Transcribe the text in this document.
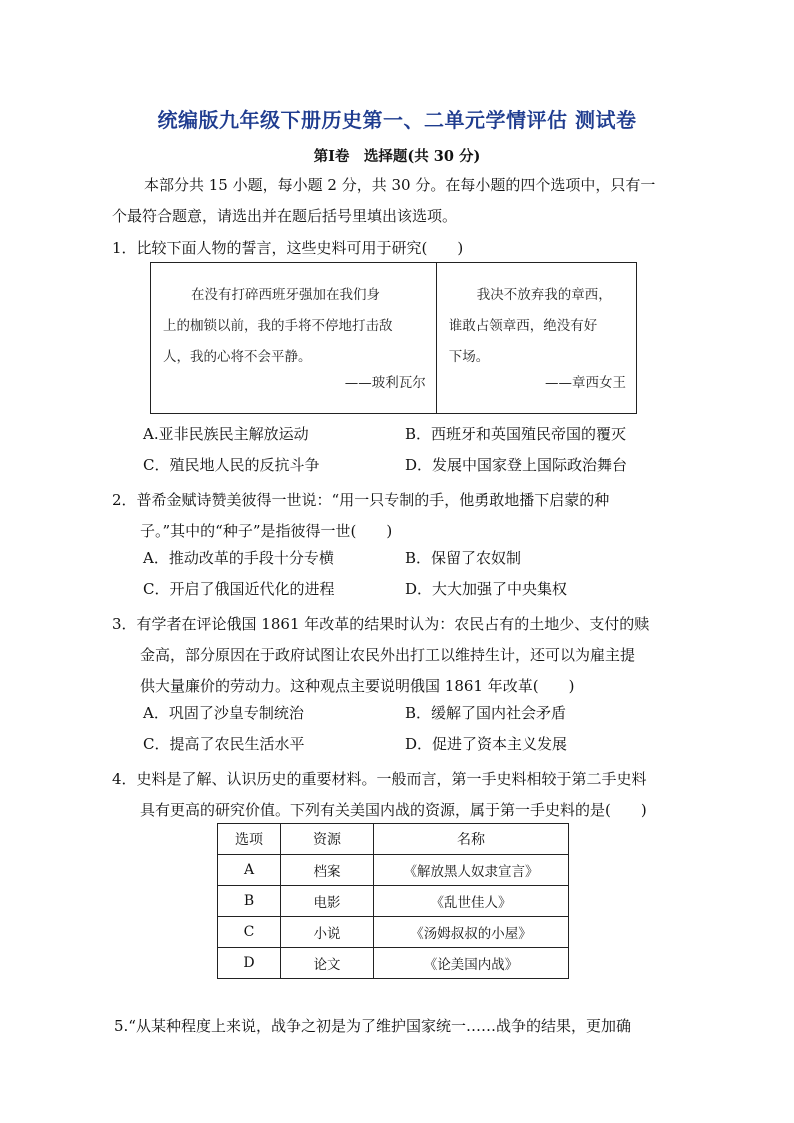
统编版九年级下册历史第一、二单元学情评估 测试卷
第Ⅰ卷　选择题(共 30 分)
本部分共 15 小题，每小题 2 分，共 30 分。在每小题的四个选项中，只有一
个最符合题意，请选出并在题后括号里填出该选项。
1．比较下面人物的誓言，这些史料可用于研究(　　)
在没有打碎西班牙强加在我们身
上的枷锁以前，我的手将不停地打击敌
人，我的心将不会平静。
——玻利瓦尔
我决不放弃我的章西，
谁敢占领章西，绝没有好
下场。
——章西女王
A.亚非民族民主解放运动	B．西班牙和英国殖民帝国的覆灭
C．殖民地人民的反抗斗争	D．发展中国家登上国际政治舞台
2．普希金赋诗赞美彼得一世说：“用一只专制的手，他勇敢地播下启蒙的种
子。”其中的“种子”是指彼得一世(　　)
A．推动改革的手段十分专横	B．保留了农奴制
C．开启了俄国近代化的进程	D．大大加强了中央集权
3．有学者在评论俄国 1861 年改革的结果时认为：农民占有的土地少、支付的赎
金高，部分原因在于政府试图让农民外出打工以维持生计，还可以为雇主提
供大量廉价的劳动力。这种观点主要说明俄国 1861 年改革(　　)
A．巩固了沙皇专制统治	B．缓解了国内社会矛盾
C．提高了农民生活水平	D．促进了资本主义发展
4．史料是了解、认识历史的重要材料。一般而言，第一手史料相较于第二手史料
具有更高的研究价值。下列有关美国内战的资源，属于第一手史料的是(　　)
选项	资源	名称
A	档案	《解放黑人奴隶宣言》
B	电影	《乱世佳人》
C	小说	《汤姆叔叔的小屋》
D	论文	《论美国内战》
5.“从某种程度上来说，战争之初是为了维护国家统一……战争的结果，更加确
